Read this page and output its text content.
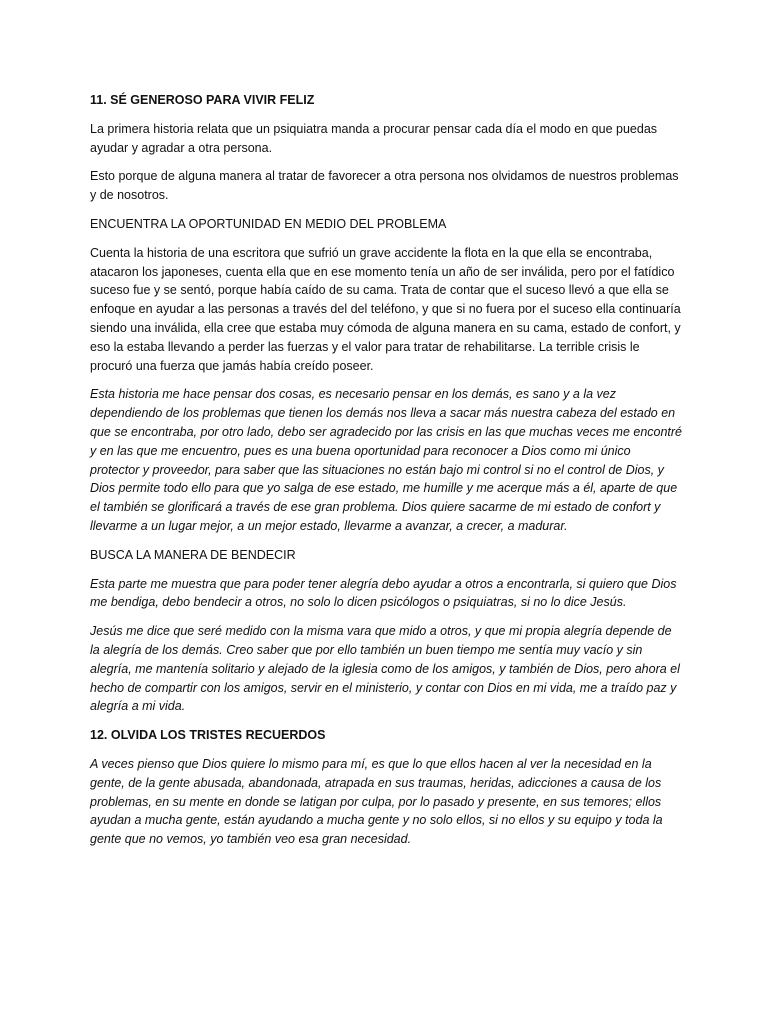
11. SÉ GENEROSO PARA VIVIR FELIZ

La primera historia relata que un psiquiatra manda a procurar pensar cada día el modo en que puedas ayudar y agradar a otra persona.

Esto porque de alguna manera al tratar de favorecer a otra persona nos olvidamos de nuestros problemas y de nosotros.

ENCUENTRA LA OPORTUNIDAD EN MEDIO DEL PROBLEMA

Cuenta la historia de una escritora que sufrió un grave accidente la flota en la que ella se encontraba, atacaron los japoneses, cuenta ella que en ese momento tenía un año de ser inválida, pero por el fatídico suceso fue y se sentó, porque había caído de su cama. Trata de contar que el suceso llevó a que ella se enfoque en ayudar a las personas a través del del teléfono, y que si no fuera por el suceso ella continuaría siendo una inválida, ella cree que estaba muy cómoda de alguna manera en su cama, estado de confort, y eso la estaba llevando a perder las fuerzas y el valor para tratar de rehabilitarse. La terrible crisis le procuró una fuerza que jamás había creído poseer.

Esta historia me hace pensar dos cosas, es necesario pensar en los demás, es sano y a la vez dependiendo de los problemas que tienen los demás nos lleva a sacar más nuestra cabeza del estado en que se encontraba, por otro lado, debo ser agradecido por las crisis en las que muchas veces me encontré y en las que me encuentro, pues es una buena oportunidad para reconocer a Dios como mi único protector y proveedor, para saber que las situaciones no están bajo mi control si no el control de Dios, y Dios permite todo ello para que yo salga de ese estado, me humille y me acerque más a él, aparte de que el también se glorificará a través de ese gran problema. Dios quiere sacarme de mi estado de confort y llevarme a un lugar mejor, a un mejor estado, llevarme a avanzar, a crecer, a madurar.

BUSCA LA MANERA DE BENDECIR

Esta parte me muestra que para poder tener alegría debo ayudar a otros a encontrarla, si quiero que Dios me bendiga, debo bendecir a otros, no solo lo dicen psicólogos o psiquiatras, si no lo dice Jesús.

Jesús me dice que seré medido con la misma vara que mido a otros, y que mi propia alegría depende de la alegría de los demás. Creo saber que por ello también un buen tiempo me sentía muy vacío y sin alegría, me mantenía solitario y alejado de la iglesia como de los amigos, y también de Dios, pero ahora el hecho de compartir con los amigos, servir en el ministerio, y contar con Dios en mi vida, me a traído paz y alegría a mi vida.

12. OLVIDA LOS TRISTES RECUERDOS

A veces pienso que Dios quiere lo mismo para mí, es que lo que ellos hacen al ver la necesidad en la gente, de la gente abusada, abandonada, atrapada en sus traumas, heridas, adicciones a causa de los problemas, en su mente en donde se latigan por culpa, por lo pasado y presente, en sus temores; ellos ayudan a mucha gente, están ayudando a mucha gente y no solo ellos, si no ellos y su equipo y toda la gente que no vemos, yo también veo esa gran necesidad.
